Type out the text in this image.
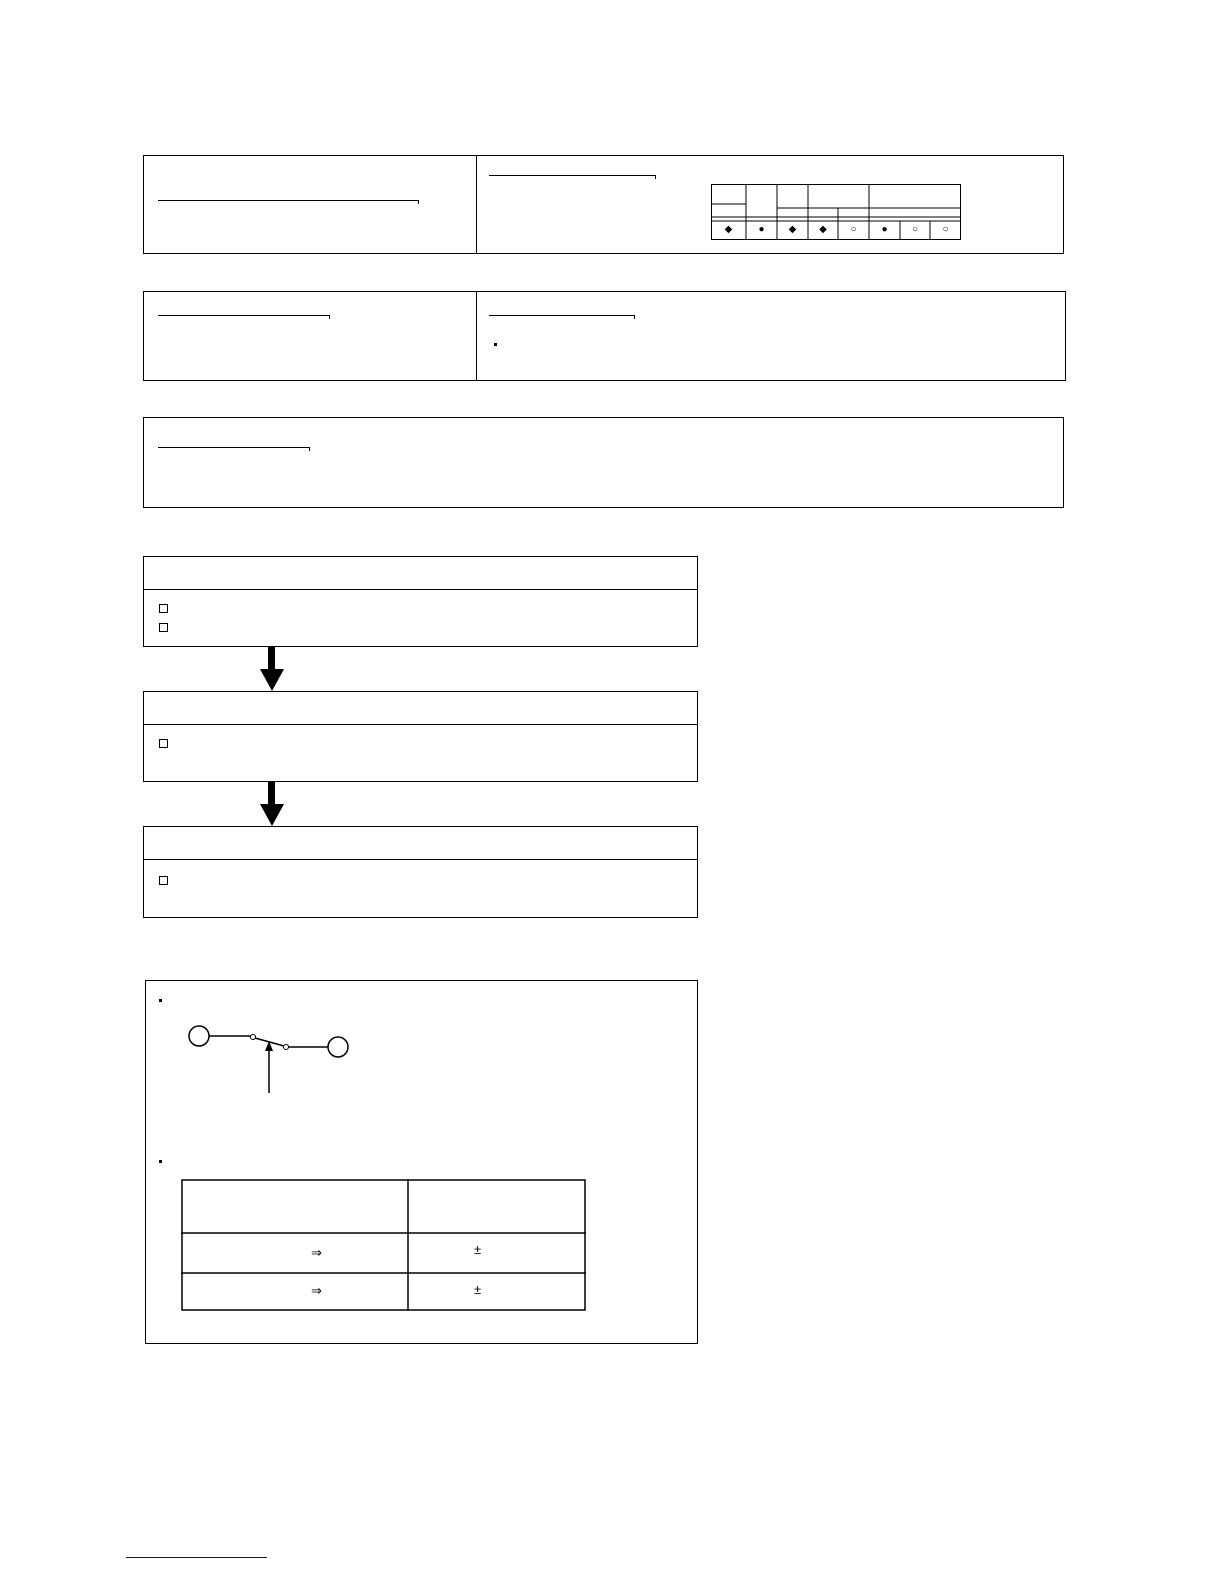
◆	●	◆	◆	○	●	○	○
⇒	±
⇒	±
